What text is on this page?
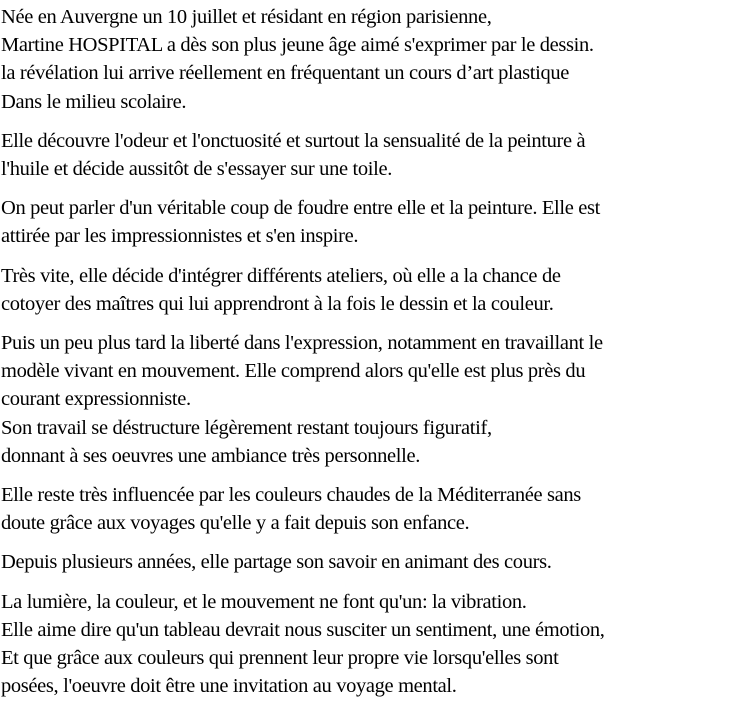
Née en Auvergne un 10 juillet et résidant en région parisienne,
Martine HOSPITAL a dès son plus jeune âge aimé s'exprimer par le dessin.
la révélation lui arrive réellement en fréquentant un cours d’art plastique
Dans le milieu scolaire.

Elle découvre l'odeur et l'onctuosité et surtout la sensualité de la peinture à
l'huile et décide aussitôt de s'essayer sur une toile.

On peut parler d'un véritable coup de foudre entre elle et la peinture. Elle est
attirée par les impressionnistes et s'en inspire.

Très vite, elle décide d'intégrer différents ateliers, où elle a la chance de
cotoyer des maîtres qui lui apprendront à la fois le dessin et la couleur.

Puis un peu plus tard la liberté dans l'expression, notamment en travaillant le
modèle vivant en mouvement. Elle comprend alors qu'elle est plus près du
courant expressionniste.
Son travail se déstructure légèrement restant toujours figuratif,
donnant à ses oeuvres une ambiance très personnelle.

Elle reste très influencée par les couleurs chaudes de la Méditerranée sans
doute grâce aux voyages qu'elle y a fait depuis son enfance.

Depuis plusieurs années, elle partage son savoir en animant des cours.

La lumière, la couleur, et le mouvement ne font qu'un: la vibration.
Elle aime dire qu'un tableau devrait nous susciter un sentiment, une émotion,
Et que grâce aux couleurs qui prennent leur propre vie lorsqu'elles sont
posées, l'oeuvre doit être une invitation au voyage mental.
